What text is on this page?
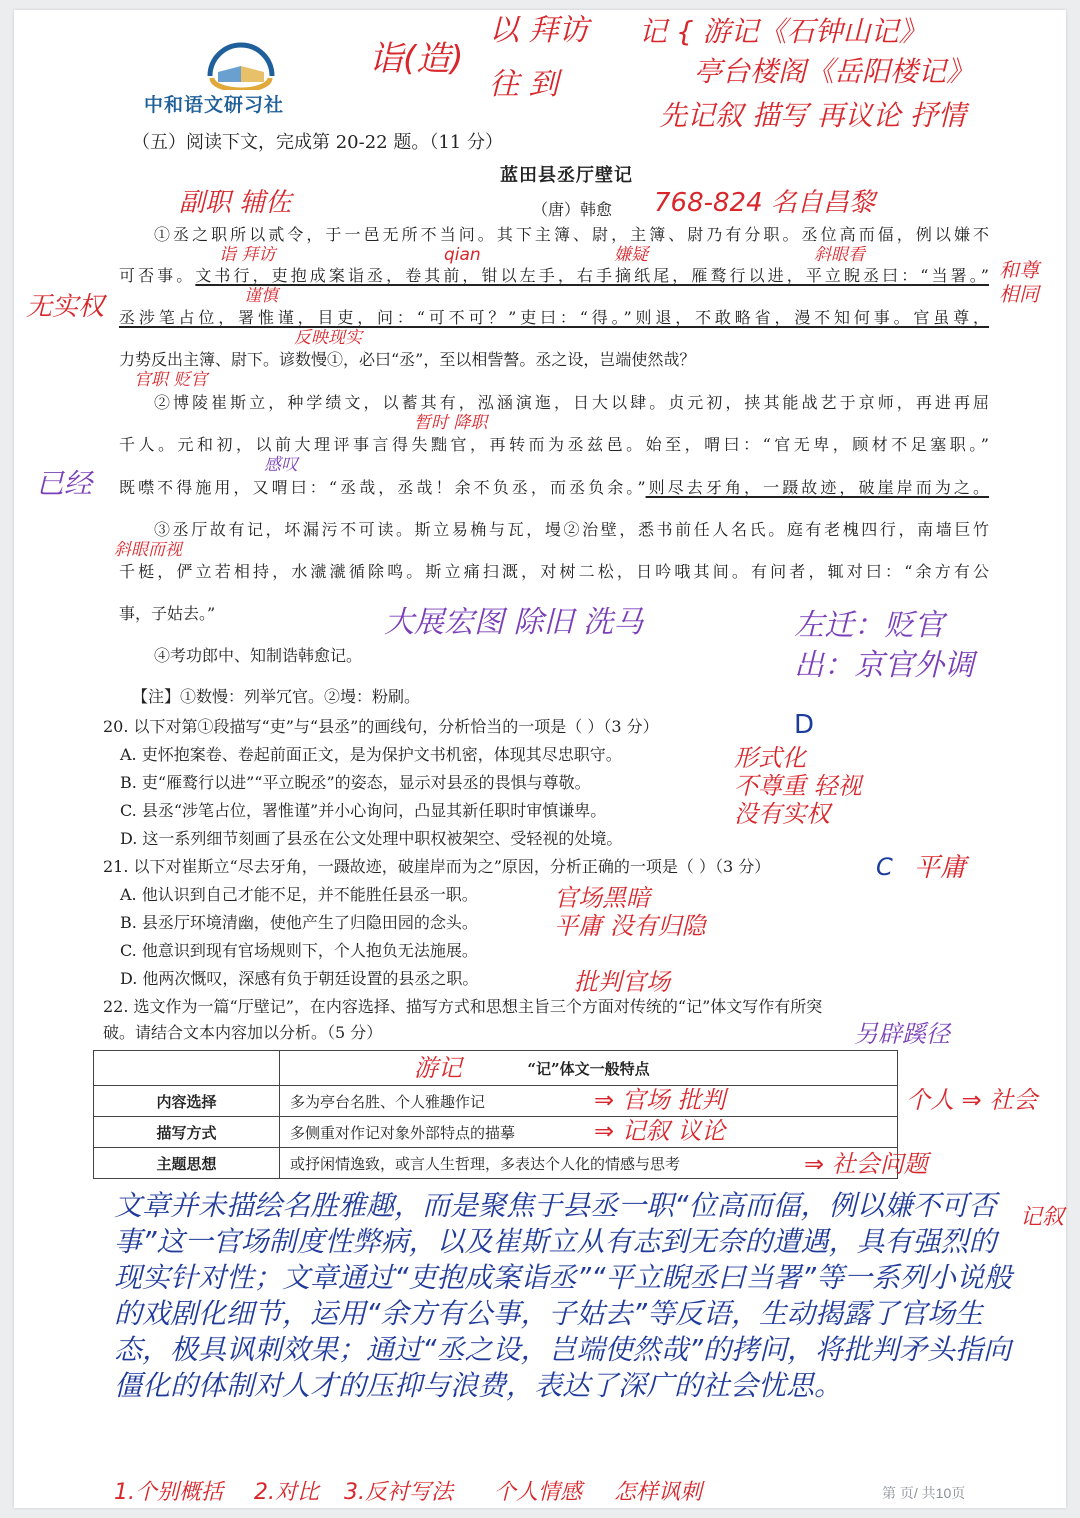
中和语文研习社
（五）阅读下文，完成第 20-22 题。（11 分）
蓝田县丞厅壁记
（唐）韩愈
①丞之职所以贰令，于一邑无所不当问。其下主簿、尉，主簿、尉乃有分职。丞位高而偪，例以嫌不
可否事。文书行，吏抱成案诣丞，卷其前，钳以左手，右手摘纸尾，雁鹜行以进，平立睨丞曰：“当署。”
丞涉笔占位，署惟谨，目吏，问：“可不可？”吏曰：“得。”则退，不敢略省，漫不知何事。官虽尊，
力势反出主簿、尉下。谚数慢①，必曰“丞”，至以相訾謷。丞之设，岂端使然哉？
②博陵崔斯立，种学绩文，以蓄其有，泓涵演迤，日大以肆。贞元初，挟其能战艺于京师，再进再屈
千人。元和初，以前大理评事言得失黜官，再转而为丞兹邑。始至，喟曰：“官无卑，顾材不足塞职。”
既噤不得施用，又喟曰：“丞哉，丞哉！余不负丞，而丞负余。”则尽去牙角，一蹑故迹，破崖岸而为之。
③丞厅故有记，坏漏污不可读。斯立易桷与瓦，墁②治壁，悉书前任人名氏。庭有老槐四行，南墙巨竹
千梃，俨立若相持，水㶁㶁循除鸣。斯立痛扫溉，对树二松，日吟哦其间。有问者，辄对曰：“余方有公
事，子姑去。”
④考功郎中、知制诰韩愈记。
【注】①数慢：列举冗官。②墁：粉刷。
20. 以下对第①段描写“吏”与“县丞”的画线句，分析恰当的一项是（ ）（3 分）
A. 吏怀抱案卷、卷起前面正文，是为保护文书机密，体现其尽忠职守。
B. 吏“雁鹜行以进”“平立睨丞”的姿态，显示对县丞的畏惧与尊敬。
C. 县丞“涉笔占位，署惟谨”并小心询问，凸显其新任职时审慎谦卑。
D. 这一系列细节刻画了县丞在公文处理中职权被架空、受轻视的处境。
21. 以下对崔斯立“尽去牙角，一蹑故迹，破崖岸而为之”原因，分析正确的一项是（ ）（3 分）
A. 他认识到自己才能不足，并不能胜任县丞一职。
B. 县丞厅环境清幽，使他产生了归隐田园的念头。
C. 他意识到现有官场规则下，个人抱负无法施展。
D. 他两次慨叹，深感有负于朝廷设置的县丞之职。
22. 选文作为一篇“厅壁记”，在内容选择、描写方式和思想主旨三个方面对传统的“记”体文写作有所突
破。请结合文本内容加以分析。（5 分）
	“记”体文一般特点
内容选择	多为亭台名胜、个人雅趣作记
描写方式	多侧重对作记对象外部特点的描摹
主题思想	或抒闲情逸致，或言人生哲理，多表达个人化的情感与思考
诣(造)
以 拜访
往 到
记 { 游记《石钟山记》
亭台楼阁《岳阳楼记》
先记叙 描写 再议论 抒情
768-824 名自昌黎
副职 辅佐
诣 拜访	qian	嫌疑	斜眼看
谨慎
无实权
和尊 相同
反映现实
官职 贬官
暂时 降职
感叹
已经
斜眼而视
大展宏图 除旧 洗马	左迁：贬官 出：京官外调
D
形式化
不尊重 轻视
没有实权
C 平庸
官场黑暗
平庸 没有归隐
批判官场
另辟蹊径
游记
⇒ 官场 批判
⇒ 记叙 议论
⇒ 社会问题
个人 ⇒ 社会
记叙
文章并未描绘名胜雅趣，而是聚焦于县丞一职“位高而偪，例以嫌不可否事”这一官场制度性弊病，以及崔斯立从有志到无奈的遭遇，具有强烈的现实针对性；文章通过“吏抱成案诣丞”“平立睨丞曰当署”等一系列小说般的戏剧化细节，运用“余方有公事，子姑去”等反语，生动揭露了官场生态，极具讽刺效果；通过“丞之设，岂端使然哉”的拷问，将批判矛头指向僵化的体制对人才的压抑与浪费，表达了深广的社会忧思。
1.个别概括 2.对比 3.反衬写法 个人情感 怎样讽刺	第 页/ 共10页
